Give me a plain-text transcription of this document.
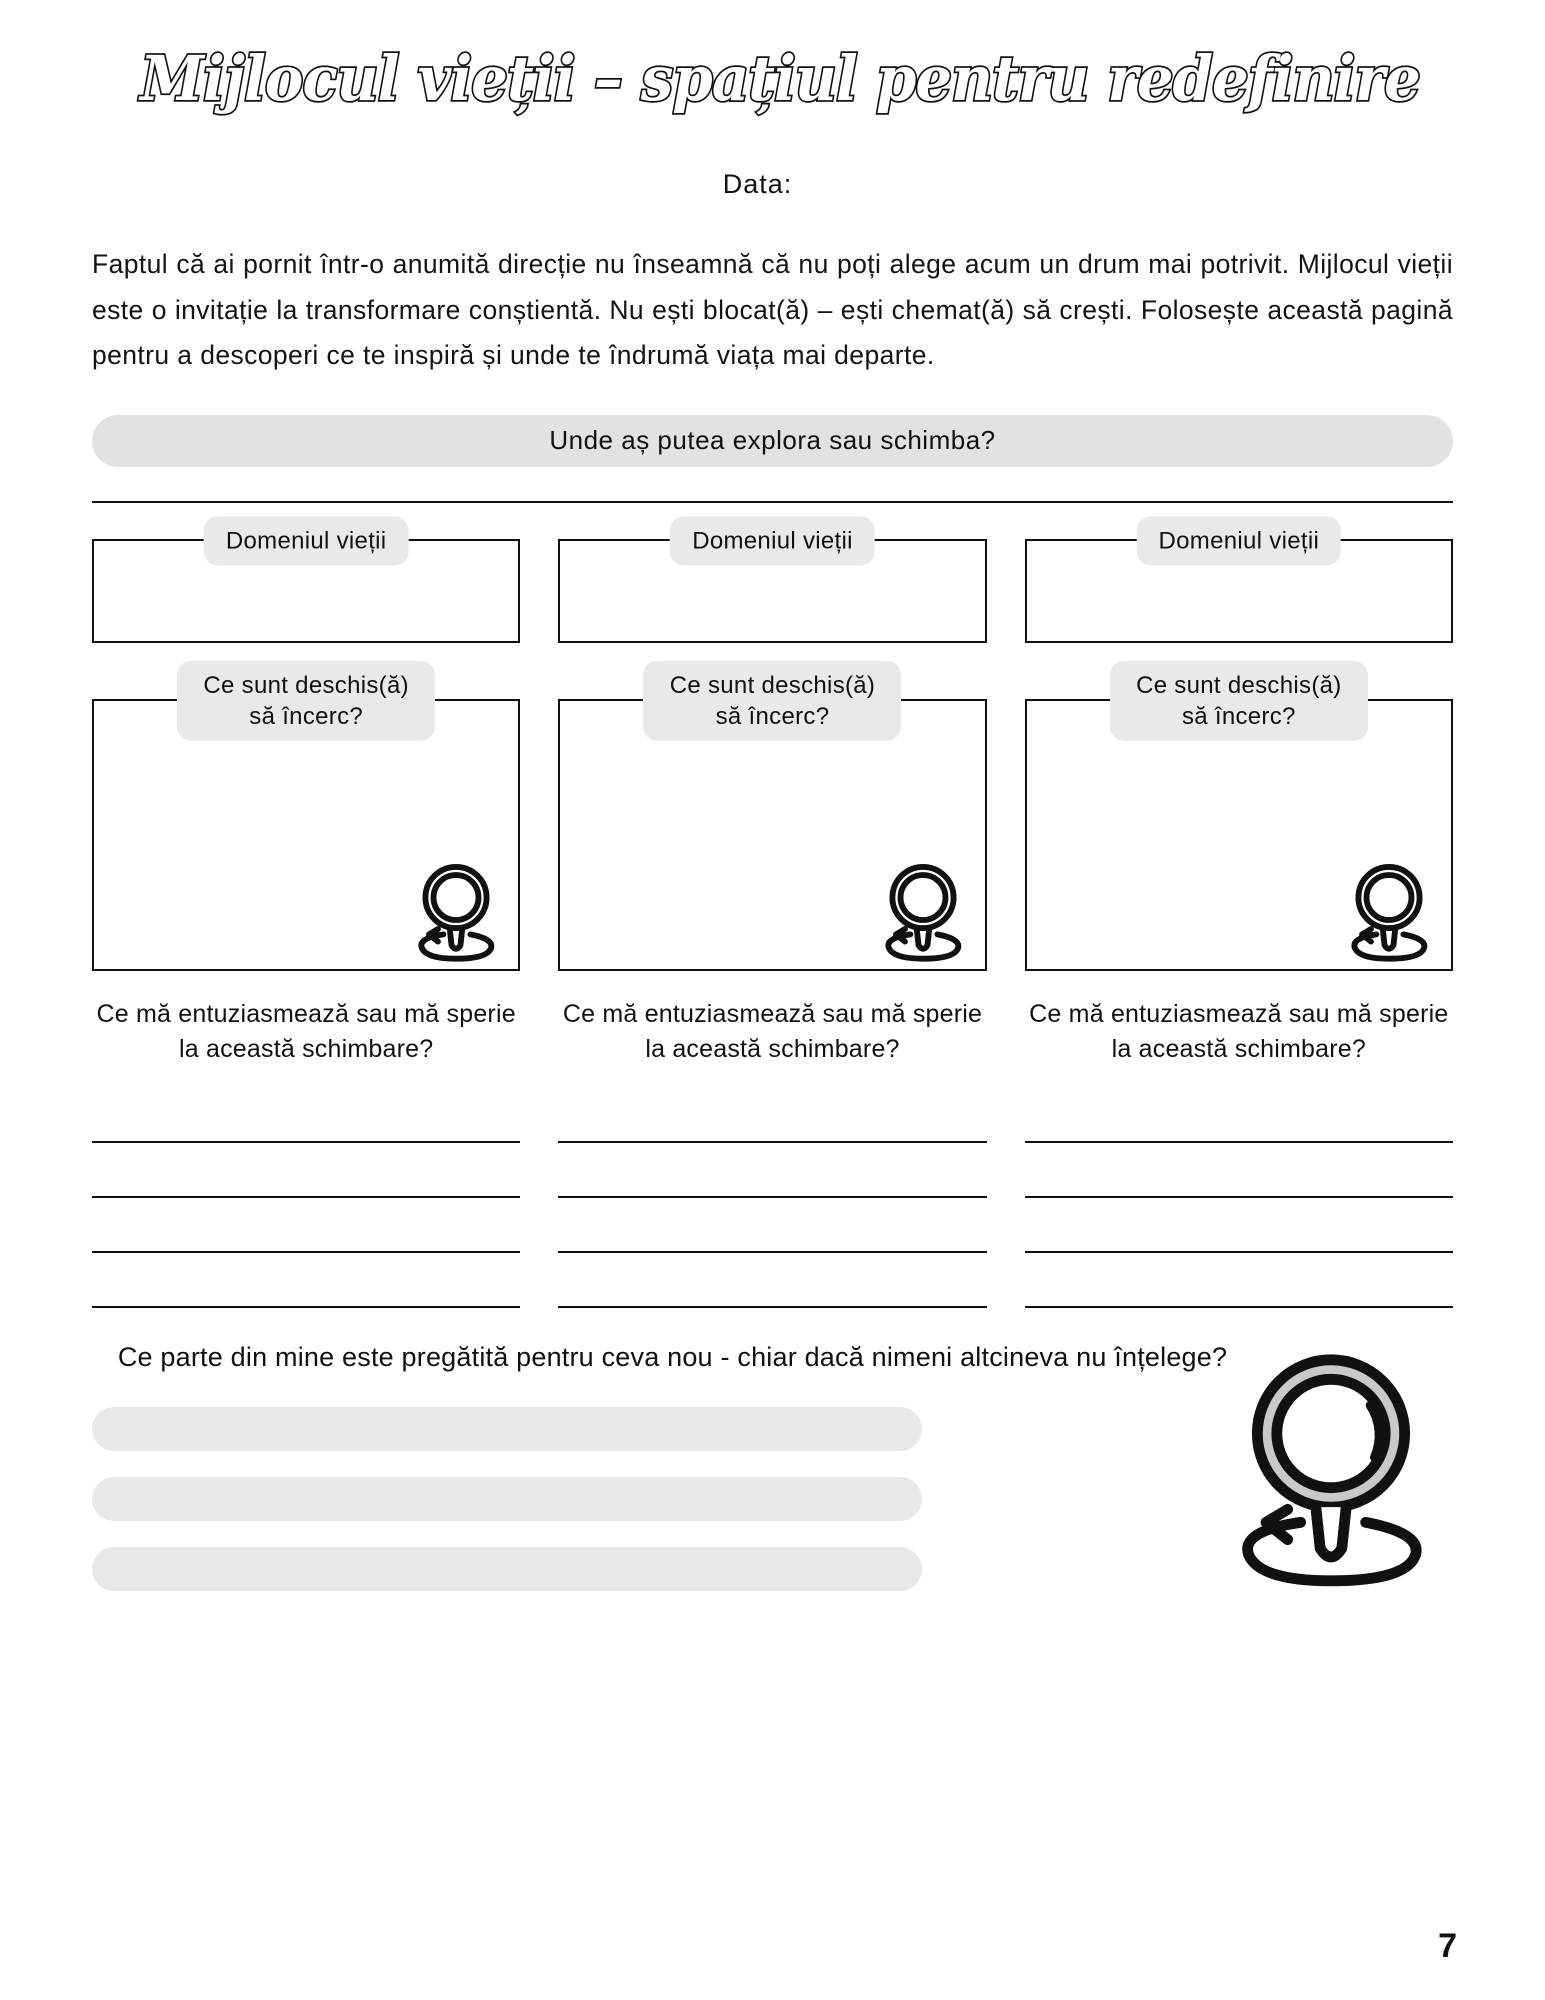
Mijlocul vieții – spațiul pentru redefinire
Data:

Faptul că ai pornit într-o anumită direcție nu înseamnă că nu poți alege acum un drum mai potrivit. Mijlocul vieții este o invitație la transformare conștientă. Nu ești blocat(ă) – ești chemat(ă) să crești. Folosește această pagină pentru a descoperi ce te inspiră și unde te îndrumă viața mai departe.

Unde aș putea explora sau schimba?
Domeniul vieții
Ce sunt deschis(ă) să încerc?
Ce mă entuziasmează sau mă sperie la această schimbare?
Domeniul vieții
Ce sunt deschis(ă) să încerc?
Ce mă entuziasmează sau mă sperie la această schimbare?
Domeniul vieții
Ce sunt deschis(ă) să încerc?
Ce mă entuziasmează sau mă sperie la această schimbare?
Ce parte din mine este pregătită pentru ceva nou - chiar dacă nimeni altcineva nu înțelege?
7
